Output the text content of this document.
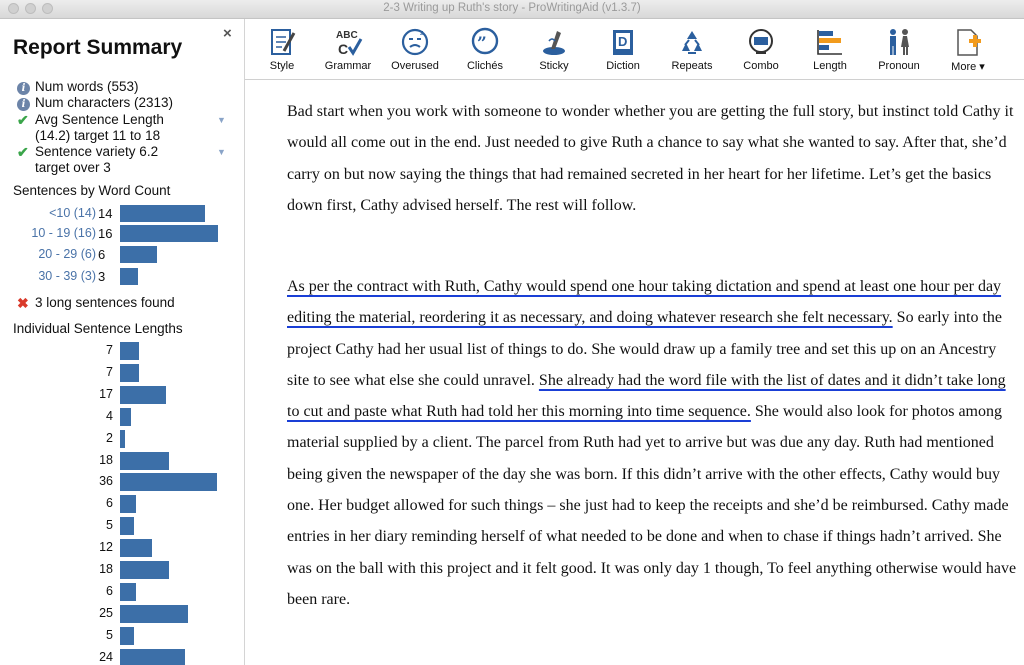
2-3 Writing up Ruth's story - ProWritingAid (v1.3.7)
Report Summary
×
i Num words (553)
i Num characters (2313)
✔ Avg Sentence Length
(14.2) target 11 to 18
▼
✔ Sentence variety 6.2
target over 3
▼
Sentences by Word Count
<10 (14) 14
10 - 19 (16) 16
20 - 29 (6) 6
30 - 39 (3) 3
✖ 3 long sentences found
Individual Sentence Lengths
7
7
17
4
2
18
36
6
5
12
18
6
25
5
24
Style
ABC
C
Grammar
z
Overused
”
Clichés	Sticky
D
Diction	Repeats	Combo	Length	Pronoun	More ▾

Bad start when you work with someone to wonder whether you are getting the full story, but instinct told Cathy it would all come out in the end. Just needed to give Ruth a chance to say what she wanted to say. After that, she’d carry on but now saying the things that had remained secreted in her heart for her lifetime. Let’s get the basics down first, Cathy advised herself. The rest will follow.

As per the contract with Ruth, Cathy would spend one hour taking dictation and spend at least one hour per day editing the material, reordering it as necessary, and doing whatever research she felt necessary. So early into the project Cathy had her usual list of things to do. She would draw up a family tree and set this up on an Ancestry site to see what else she could unravel. She already had the word file with the list of dates and it didn’t take long to cut and paste what Ruth had told her this morning into time sequence. She would also look for photos among material supplied by a client. The parcel from Ruth had yet to arrive but was due any day. Ruth had mentioned being given the newspaper of the day she was born. If this didn’t arrive with the other effects, Cathy would buy one. Her budget allowed for such things – she just had to keep the receipts and she’d be reimbursed. Cathy made entries in her diary reminding herself of what needed to be done and when to chase if things hadn’t arrived. She was on the ball with this project and it felt good. It was only day 1 though, To feel anything otherwise would have been rare.
